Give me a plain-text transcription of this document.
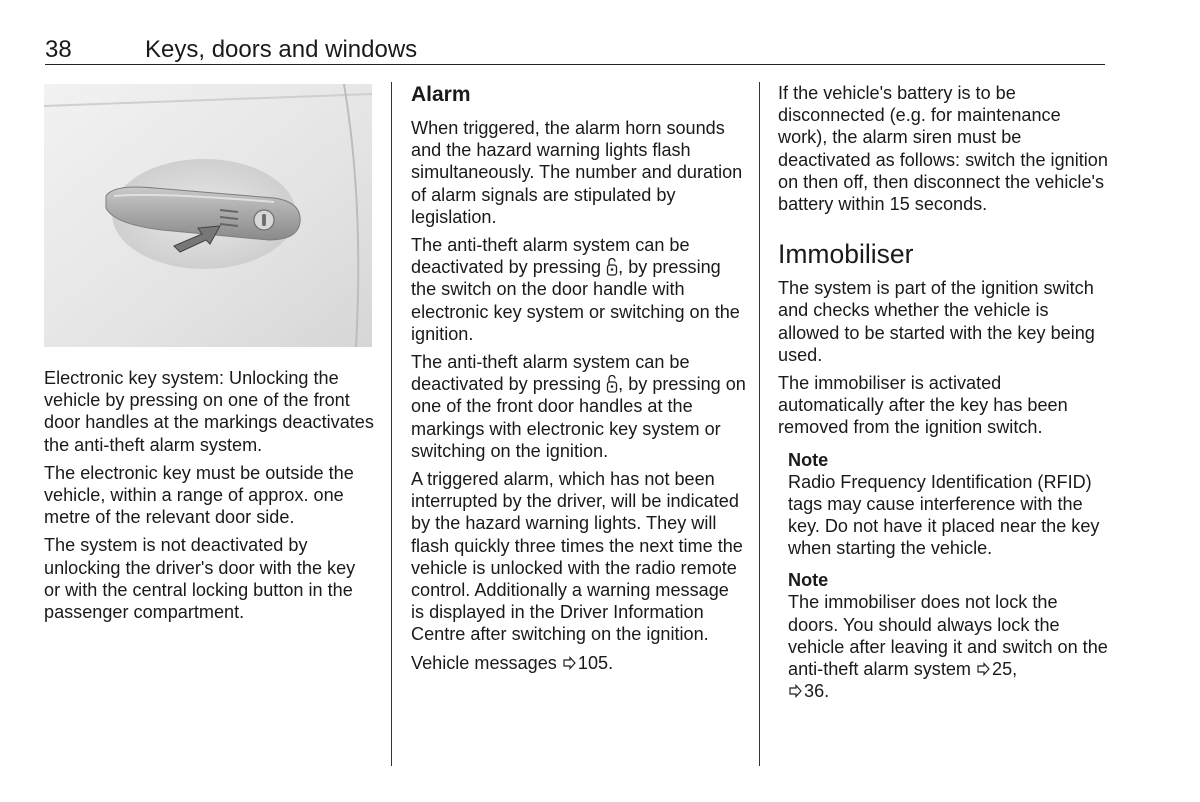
38	Keys, doors and windows

Electronic key system: Unlocking the vehicle by pressing on one of the front door handles at the markings deactivates the anti-theft alarm system.

The electronic key must be outside the vehicle, within a range of approx. one metre of the relevant door side.

The system is not deactivated by unlocking the driver's door with the key or with the central locking button in the passenger compartment.

Alarm

When triggered, the alarm horn sounds and the hazard warning lights flash simultaneously. The number and duration of alarm signals are stipulated by legislation.

The anti-theft alarm system can be deactivated by pressing , by pressing the switch on the door handle with electronic key system or switching on the ignition.

The anti-theft alarm system can be deactivated by pressing , by pressing on one of the front door handles at the markings with electronic key system or switching on the ignition.

A triggered alarm, which has not been interrupted by the driver, will be indicated by the hazard warning lights. They will flash quickly three times the next time the vehicle is unlocked with the radio remote control. Additionally a warning message is displayed in the Driver Information Centre after switching on the ignition.

Vehicle messages 105.

If the vehicle's battery is to be disconnected (e.g. for maintenance work), the alarm siren must be deactivated as follows: switch the ignition on then off, then disconnect the vehicle's battery within 15 seconds.

Immobiliser

The system is part of the ignition switch and checks whether the vehicle is allowed to be started with the key being used.

The immobiliser is activated automatically after the key has been removed from the ignition switch.

Note

Radio Frequency Identification (RFID) tags may cause interference with the key. Do not have it placed near the key when starting the vehicle.

Note

The immobiliser does not lock the doors. You should always lock the vehicle after leaving it and switch on the anti-theft alarm system 25,
36.
